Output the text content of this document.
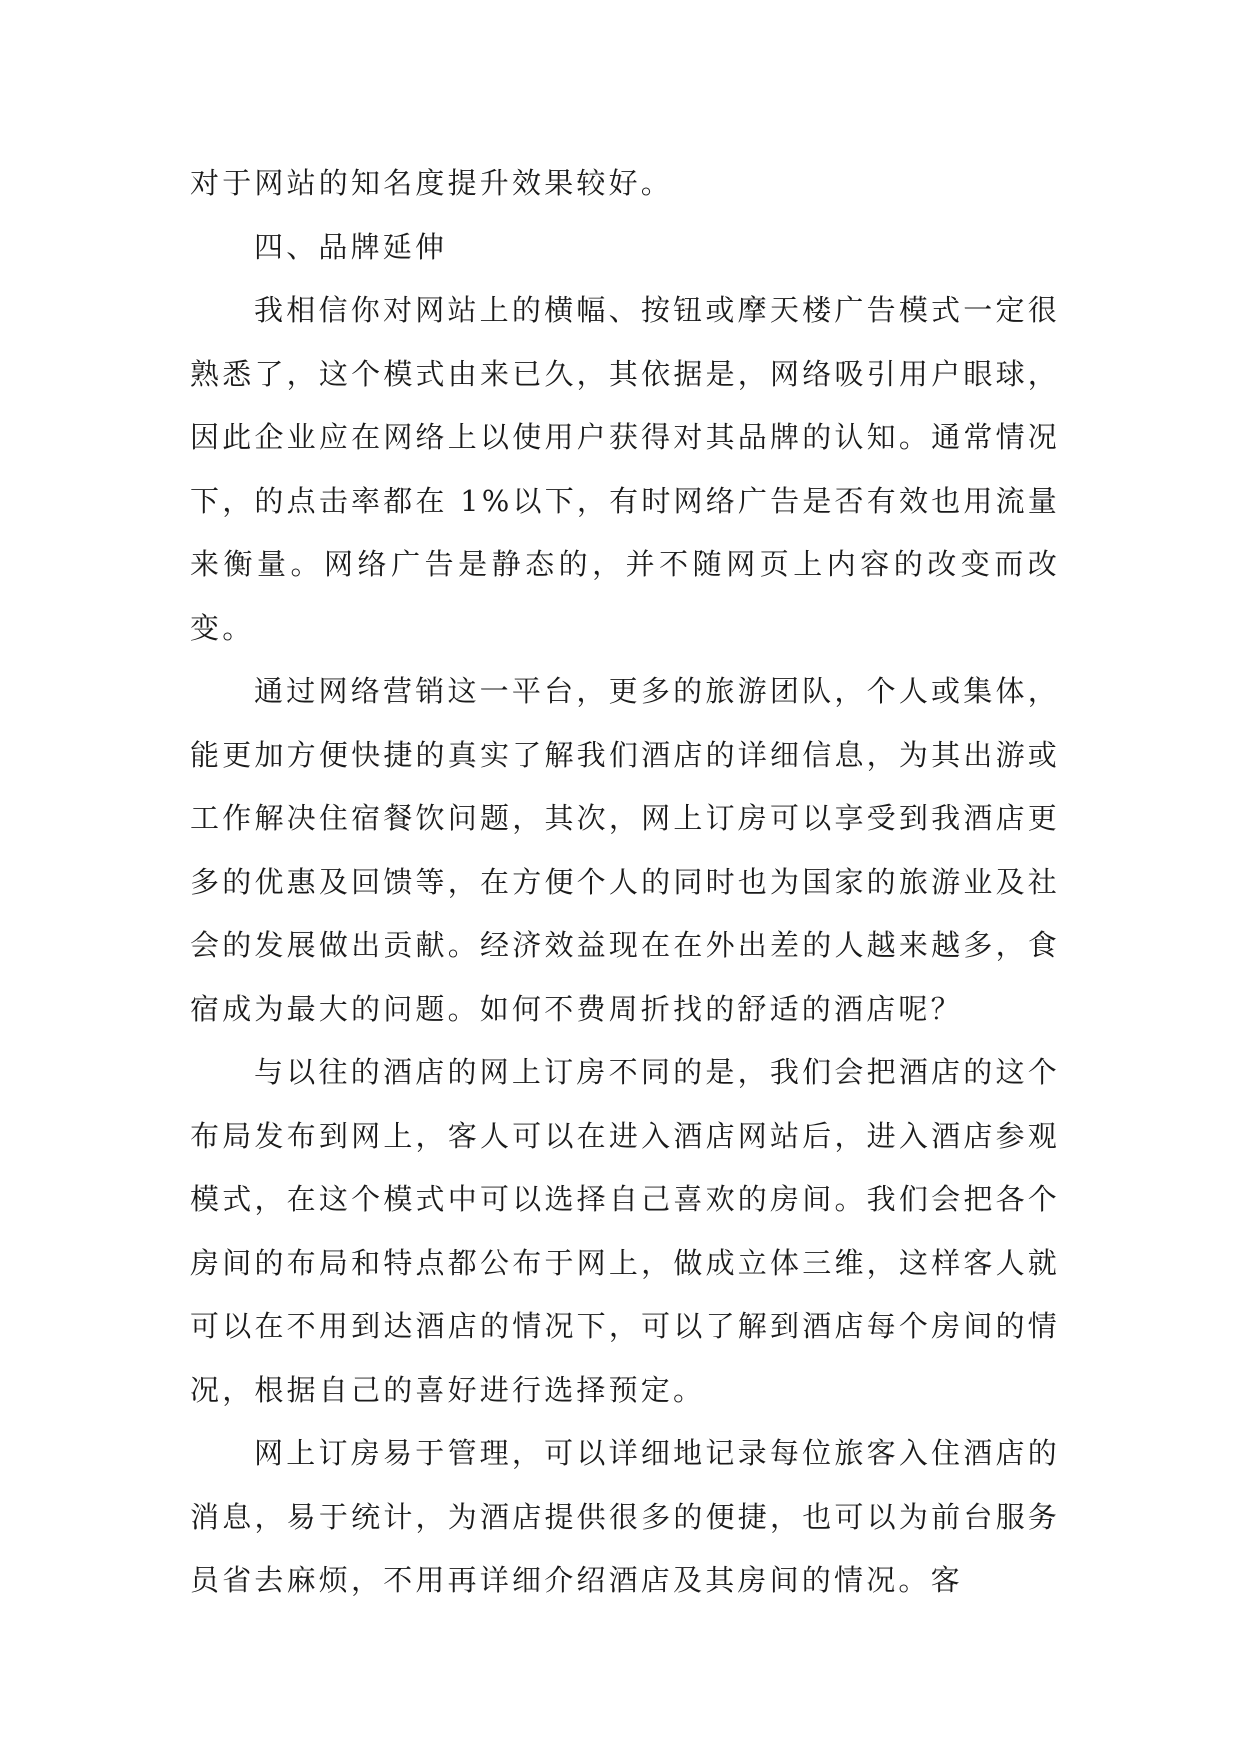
对于网站的知名度提升效果较好。

四、品牌延伸

我相信你对网站上的横幅、按钮或摩天楼广告模式一定很熟悉了，这个模式由来已久，其依据是，网络吸引用户眼球，因此企业应在网络上以使用户获得对其品牌的认知。通常情况下，的点击率都在 1%以下，有时网络广告是否有效也用流量来衡量。网络广告是静态的，并不随网页上内容的改变而改变。

通过网络营销这一平台，更多的旅游团队，个人或集体，能更加方便快捷的真实了解我们酒店的详细信息，为其出游或工作解决住宿餐饮问题，其次，网上订房可以享受到我酒店更多的优惠及回馈等，在方便个人的同时也为国家的旅游业及社会的发展做出贡献。经济效益现在在外出差的人越来越多，食宿成为最大的问题。如何不费周折找的舒适的酒店呢？

与以往的酒店的网上订房不同的是，我们会把酒店的这个布局发布到网上，客人可以在进入酒店网站后，进入酒店参观模式，在这个模式中可以选择自己喜欢的房间。我们会把各个房间的布局和特点都公布于网上，做成立体三维，这样客人就可以在不用到达酒店的情况下，可以了解到酒店每个房间的情况，根据自己的喜好进行选择预定。

网上订房易于管理，可以详细地记录每位旅客入住酒店的消息，易于统计，为酒店提供很多的便捷，也可以为前台服务员省去麻烦，不用再详细介绍酒店及其房间的情况。客
